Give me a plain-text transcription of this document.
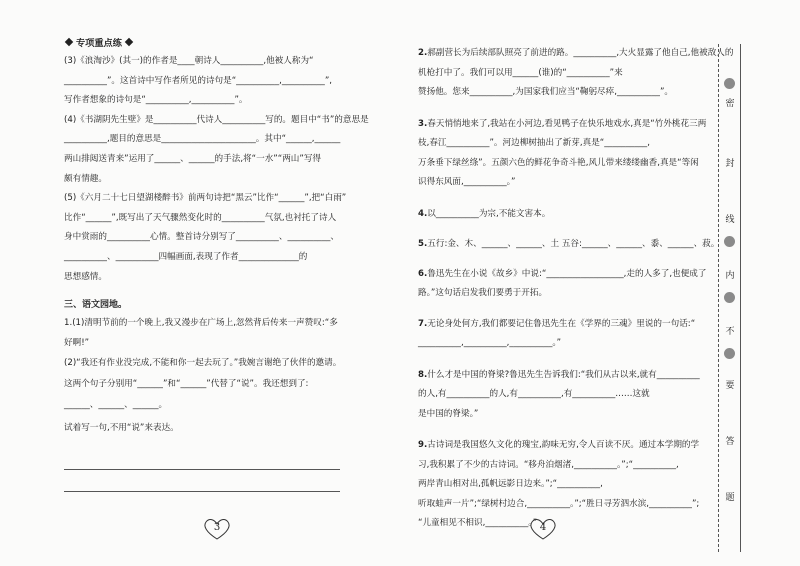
专项重点练
(3)《浪淘沙》(其一)的作者是____朝诗人__________,他被人称为“
__________”。这首诗中写作者所见的诗句是“__________,__________”,
写作者想象的诗句是“__________,__________”。
(4)《书湖阴先生壁》是__________代诗人__________写的。题目中“书”的意思是
__________,题目的意思是______________________。其中“______,______
两山排闼送青来”运用了______、______的手法,将“一水”“两山”写得
颇有情趣。
(5)《六月二十七日望湖楼醉书》前两句诗把“黑云”比作“______”,把“白雨”
比作“______”,既写出了天气骤然变化时的__________气氛,也衬托了诗人
身中赏雨的__________心情。整首诗分别写了__________、__________、
__________、__________四幅画面,表现了作者______________的
思想感情。
三、语文园地。
1.(1)清明节前的一个晚上,我又漫步在广场上,忽然背后传来一声赞叹:“多
好啊!”
(2)“我还有作业没完成,不能和你一起去玩了。”我婉言谢绝了伙伴的邀请。
这两个句子分别用“______”和“______”代替了“说”。我还想到了:
______、______、______。
试着写一句,不用“说”来表达。
3
2.郝副营长为后续部队照亮了前进的路。__________,大火显露了他自己,他被敌人的
机枪打中了。我们可以用______(谁)的“__________”来
赞扬他。您来__________,为国家我们应当“鞠躬尽瘁,__________”。
3.春天悄悄地来了,我站在小河边,看见鸭子在快乐地戏水,真是“竹外桃花三两
枝,春江__________”。河边柳树抽出了新芽,真是“__________,
万条垂下绿丝绦”。五颜六色的鲜花争奇斗艳,风儿带来缕缕幽香,真是“等闲
识得东风面,__________。”
4.以__________为宗,不能文害本。
5.五行:金、木、______、______、土 五谷:______、______、黍、______、菽。
6.鲁迅先生在小说《故乡》中说:“__________________,走的人多了,也便成了
路。”这句话启发我们要勇于开拓。
7.无论身处何方,我们都要记住鲁迅先生在《学界的三魂》里说的一句话:“
__________,__________,__________。”
8.什么才是中国的脊梁?鲁迅先生告诉我们:“我们从古以来,就有__________
的人,有__________的人,有__________,有__________……这就
是中国的脊梁。”
9.古诗词是我国悠久文化的瑰宝,韵味无穷,令人百读不厌。通过本学期的学
习,我积累了不少的古诗词。“移舟泊烟渚,__________。”;“__________,
两岸青山相对出,孤帆远影日边来。”;“__________,
听取蛙声一片”;“绿树村边合,__________。”;“胜日寻芳泗水滨,__________”;
“儿童相见不相识,__________。” 4
密
封
线
内
不
要
答
题
